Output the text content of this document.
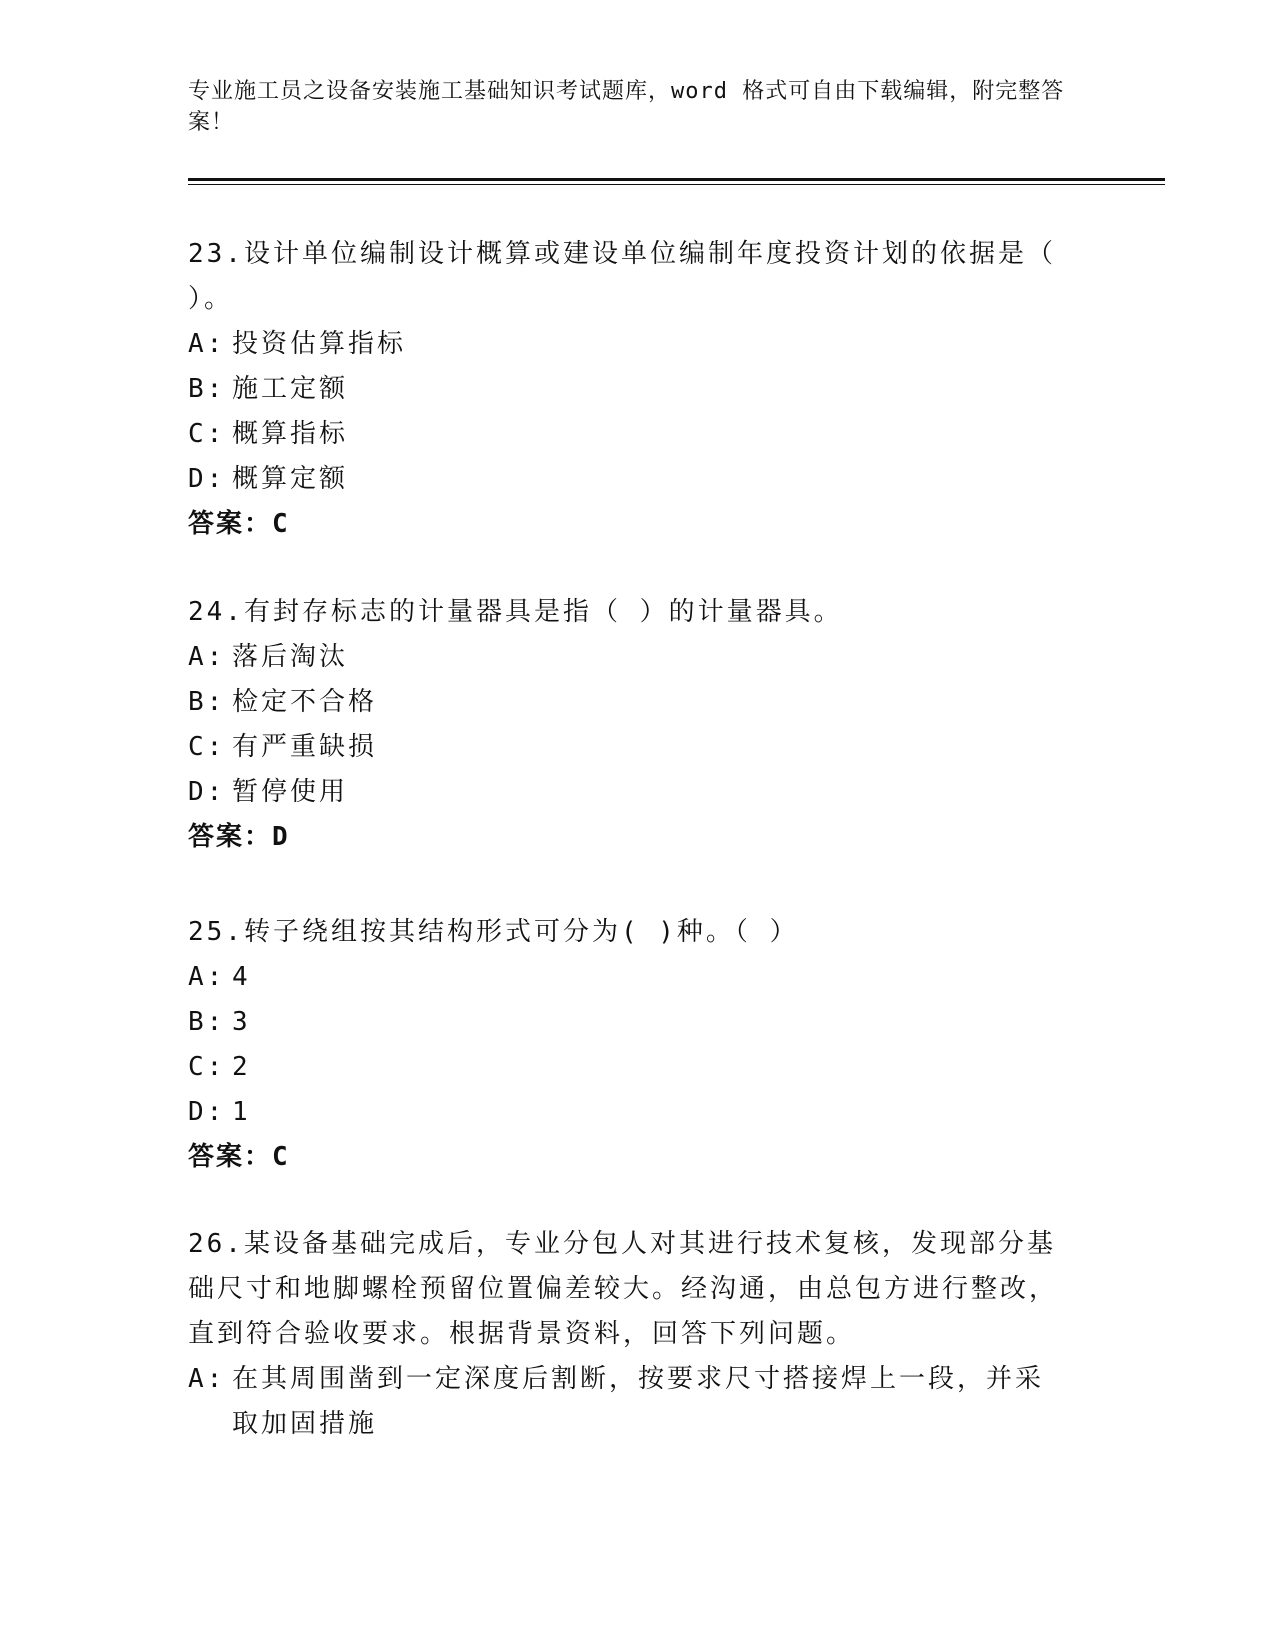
专业施工员之设备安装施工基础知识考试题库，word 格式可自由下载编辑，附完整答案！
23.设计单位编制设计概算或建设单位编制年度投资计划的依据是（ ）。
A: 投资估算指标
B: 施工定额
C: 概算指标
D: 概算定额
答案：C
24.有封存标志的计量器具是指（ ）的计量器具。
A: 落后淘汰
B: 检定不合格
C: 有严重缺损
D: 暂停使用
答案：D
25.转子绕组按其结构形式可分为( )种。（ ）
A: 4
B: 3
C: 2
D: 1
答案：C
26.某设备基础完成后，专业分包人对其进行技术复核，发现部分基础尺寸和地脚螺栓预留位置偏差较大。经沟通，由总包方进行整改，直到符合验收要求。根据背景资料，回答下列问题。
A: 在其周围凿到一定深度后割断，按要求尺寸搭接焊上一段，并采取加固措施
